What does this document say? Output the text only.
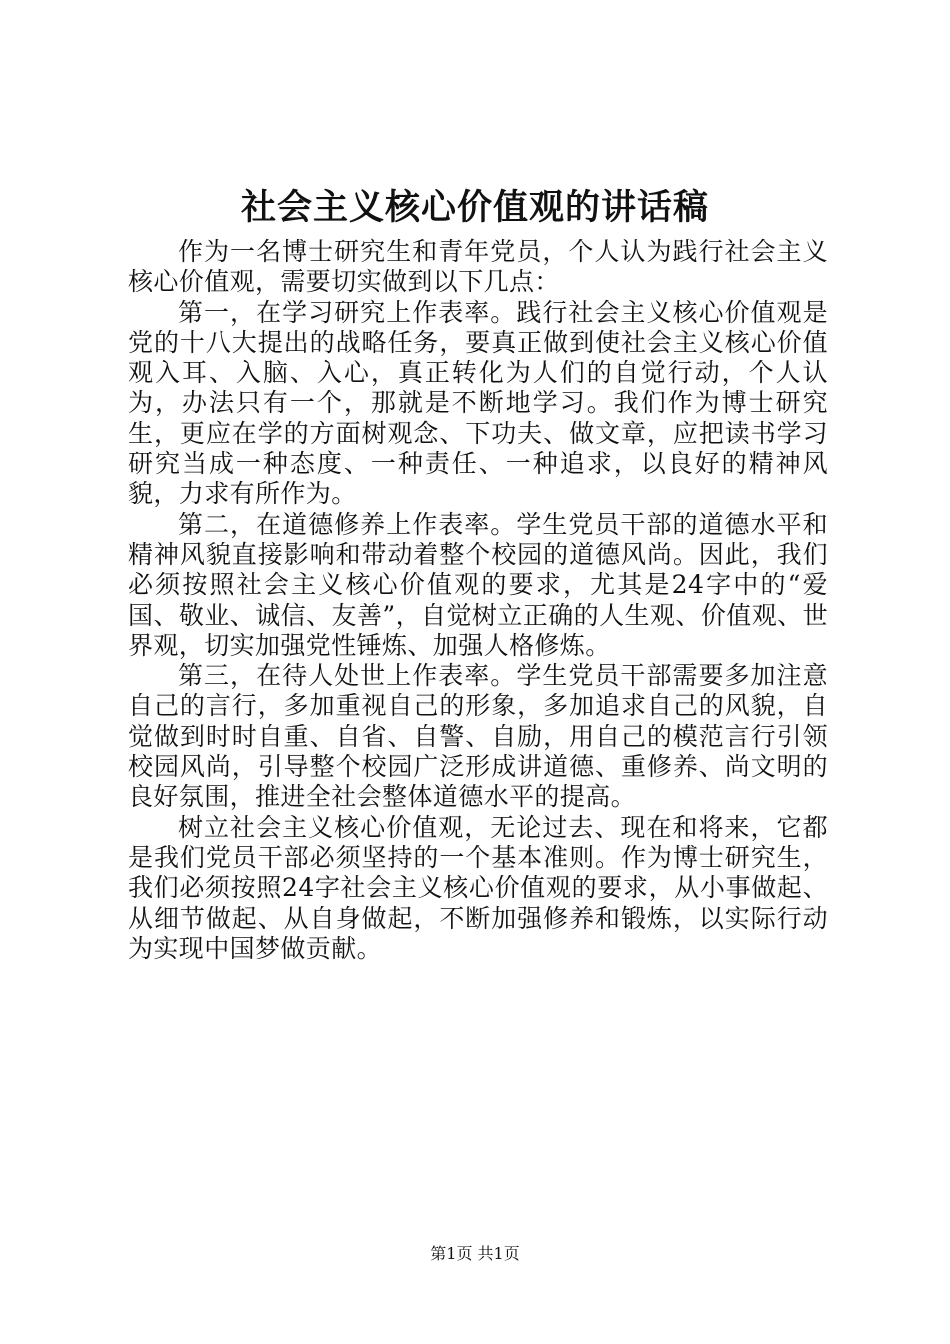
社会主义核心价值观的讲话稿

作为一名博士研究生和青年党员，个人认为践行社会主义核心价值观，需要切实做到以下几点：

第一，在学习研究上作表率。践行社会主义核心价值观是党的十八大提出的战略任务，要真正做到使社会主义核心价值观入耳、入脑、入心，真正转化为人们的自觉行动，个人认为，办法只有一个，那就是不断地学习。我们作为博士研究生，更应在学的方面树观念、下功夫、做文章，应把读书学习研究当成一种态度、一种责任、一种追求，以良好的精神风貌，力求有所作为。

第二，在道德修养上作表率。学生党员干部的道德水平和精神风貌直接影响和带动着整个校园的道德风尚。因此，我们必须按照社会主义核心价值观的要求，尤其是24字中的“爱国、敬业、诚信、友善”，自觉树立正确的人生观、价值观、世界观，切实加强党性锤炼、加强人格修炼。

第三，在待人处世上作表率。学生党员干部需要多加注意自己的言行，多加重视自己的形象，多加追求自己的风貌，自觉做到时时自重、自省、自警、自励，用自己的模范言行引领校园风尚，引导整个校园广泛形成讲道德、重修养、尚文明的良好氛围，推进全社会整体道德水平的提高。

树立社会主义核心价值观，无论过去、现在和将来，它都是我们党员干部必须坚持的一个基本准则。作为博士研究生，我们必须按照24字社会主义核心价值观的要求，从小事做起、从细节做起、从自身做起，不断加强修养和锻炼，以实际行动为实现中国梦做贡献。

第1页 共1页
